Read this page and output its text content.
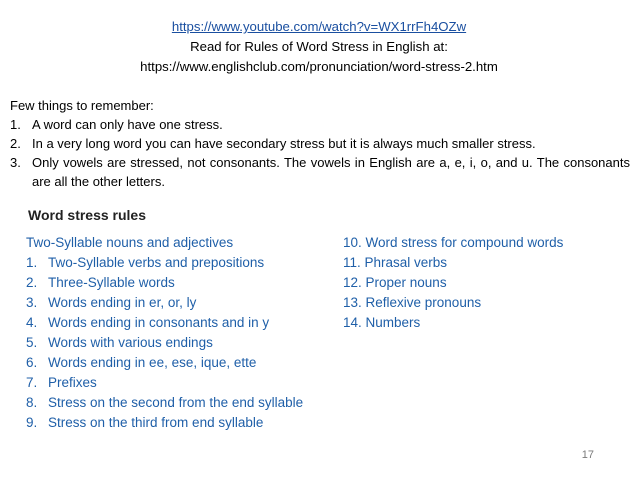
https://www.youtube.com/watch?v=WX1rrFh4OZw
Read for Rules of Word Stress in English at:
https://www.englishclub.com/pronunciation/word-stress-2.htm
Few things to remember:
1. A word can only have one stress.
2. In a very long word you can have secondary stress but it is always much smaller stress.
3. Only vowels are stressed, not consonants. The vowels in English are a, e, i, o, and u. The consonants are all the other letters.
Word stress rules
Two-Syllable nouns and adjectives
1. Two-Syllable verbs and prepositions
2. Three-Syllable words
3. Words ending in er, or, ly
4. Words ending in consonants and in y
5. Words with various endings
6. Words ending in ee, ese, ique, ette
7. Prefixes
8. Stress on the second from the end syllable
9. Stress on the third from end syllable
10. Word stress for compound words
11. Phrasal verbs
12. Proper nouns
13. Reflexive pronouns
14. Numbers
17
